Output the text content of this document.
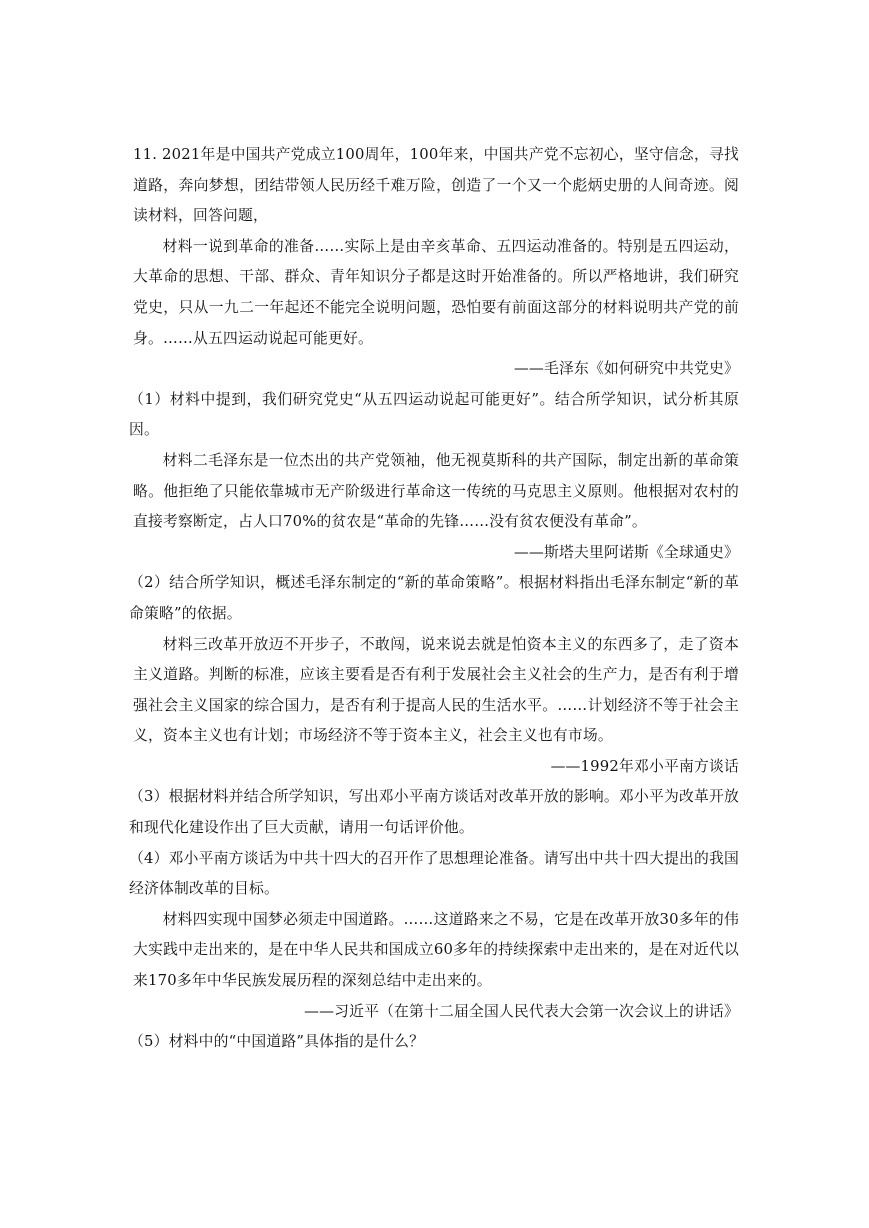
11. 2021年是中国共产党成立100周年，100年来，中国共产党不忘初心，坚守信念，寻找道路，奔向梦想，团结带领人民历经千难万险，创造了一个又一个彪炳史册的人间奇迹。阅读材料，回答问题，

材料一说到革命的准备……实际上是由辛亥革命、五四运动准备的。特别是五四运动，大革命的思想、干部、群众、青年知识分子都是这时开始准备的。所以严格地讲，我们研究党史，只从一九二一年起还不能完全说明问题，恐怕要有前面这部分的材料说明共产党的前身。……从五四运动说起可能更好。

——毛泽东《如何研究中共党史》

（1）材料中提到，我们研究党史“从五四运动说起可能更好”。结合所学知识，试分析其原因。

材料二毛泽东是一位杰出的共产党领袖，他无视莫斯科的共产国际，制定出新的革命策略。他拒绝了只能依靠城市无产阶级进行革命这一传统的马克思主义原则。他根据对农村的直接考察断定，占人口70%的贫农是“革命的先锋……没有贫农便没有革命”。

——斯塔夫里阿诺斯《全球通史》

（2）结合所学知识，概述毛泽东制定的“新的革命策略”。根据材料指出毛泽东制定“新的革命策略”的依据。

材料三改革开放迈不开步子，不敢闯，说来说去就是怕资本主义的东西多了，走了资本主义道路。判断的标准，应该主要看是否有利于发展社会主义社会的生产力，是否有利于增强社会主义国家的综合国力，是否有利于提高人民的生活水平。……计划经济不等于社会主义，资本主义也有计划；市场经济不等于资本主义，社会主义也有市场。

——1992年邓小平南方谈话

（3）根据材料并结合所学知识，写出邓小平南方谈话对改革开放的影响。邓小平为改革开放和现代化建设作出了巨大贡献，请用一句话评价他。

（4）邓小平南方谈话为中共十四大的召开作了思想理论准备。请写出中共十四大提出的我国经济体制改革的目标。

材料四实现中国梦必须走中国道路。……这道路来之不易，它是在改革开放30多年的伟大实践中走出来的，是在中华人民共和国成立60多年的持续探索中走出来的，是在对近代以来170多年中华民族发展历程的深刻总结中走出来的。

——习近平（在第十二届全国人民代表大会第一次会议上的讲话》

（5）材料中的“中国道路”具体指的是什么？
